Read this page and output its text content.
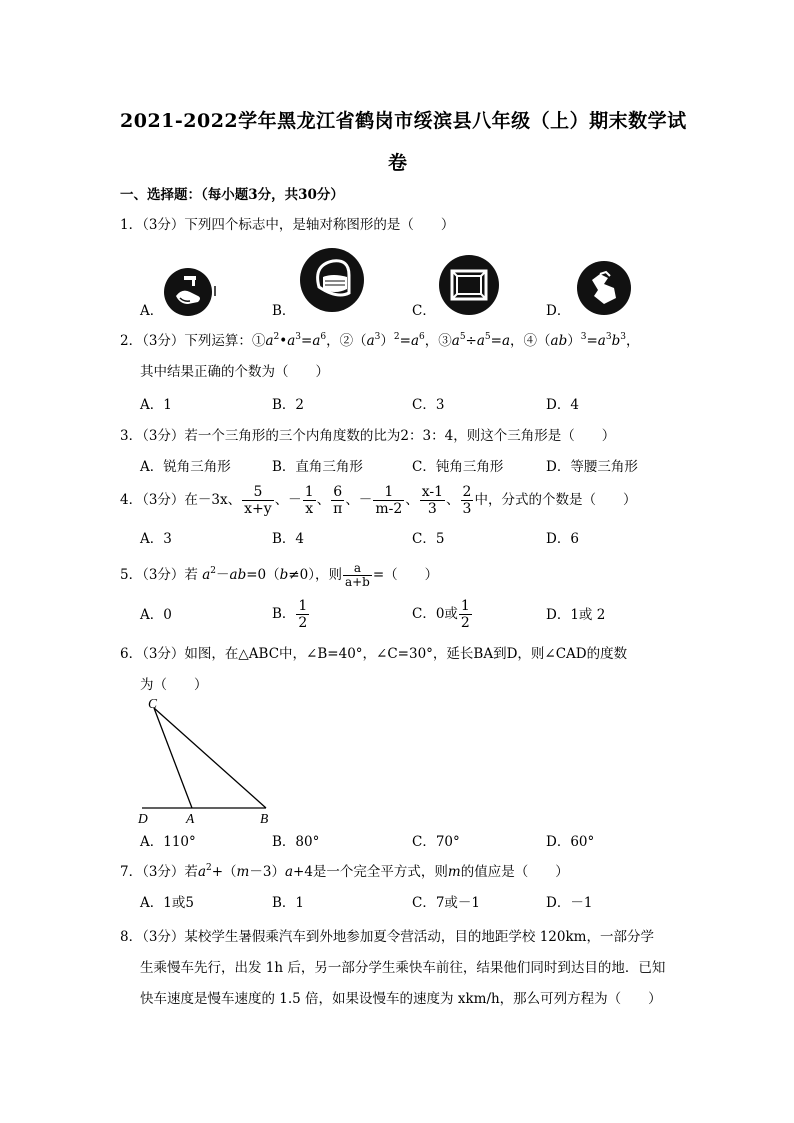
2021-2022学年黑龙江省鹤岗市绥滨县八年级（上）期末数学试
卷
一、选择题：（每小题3分，共30分）
1．（3分）下列四个标志中，是轴对称图形的是（　　）
A．	B．	C．	D．
2．（3分）下列运算：$①a^2•a^3=a^6$，$②(a^3)^2=a^6$，$③a^5\div a^5=a$，$④(ab)^3=a^3b^3$，
其中结果正确的个数为（　　）
A．1	B．2	C．3	D．4
3．（3分）若一个三角形的三个内角度数的比为2：3：4，则这个三角形是（　　）
A．锐角三角形	B．直角三角形	C．钝角三角形	D．等腰三角形
4．（3分）在－3x、 $\frac{5}{x+y}$ 、－ $\frac{1}{x}$ 、 $\frac{6}{\pi}$ 、－ $\frac{1}{m-2}$ 、 $\frac{x-1}{3}$ 、 $\frac{2}{3}$ 中，分式的个数是（　　）
A．3	B．4	C．5	D．6
5．（3分）若 $a^2-ab=0(b\ne 0)$，则 $\frac{a}{a+b}$ =（　　）
A．0	B． $\frac{1}{2}$	C．0或 $\frac{1}{2}$	D．1或 2
6．（3分）如图，在△ABC中，∠B=40°，∠C=30°，延长BA到D，则∠CAD的度数
为（　　）
C
D	A	B
A．110°	B．80°	C．70°	D．60°
7．（3分）若$a^2+(m-3)a+4$是一个完全平方式，则m的值应是（　　）
A．1或5	B．1	C．7或－1	D．－1
8．（3分）某校学生暑假乘汽车到外地参加夏令营活动，目的地距学校 120km，一部分学
生乘慢车先行，出发 1h 后，另一部分学生乘快车前往，结果他们同时到达目的地．已知
快车速度是慢车速度的 1.5 倍，如果设慢车的速度为 xkm/h，那么可列方程为（　　）
